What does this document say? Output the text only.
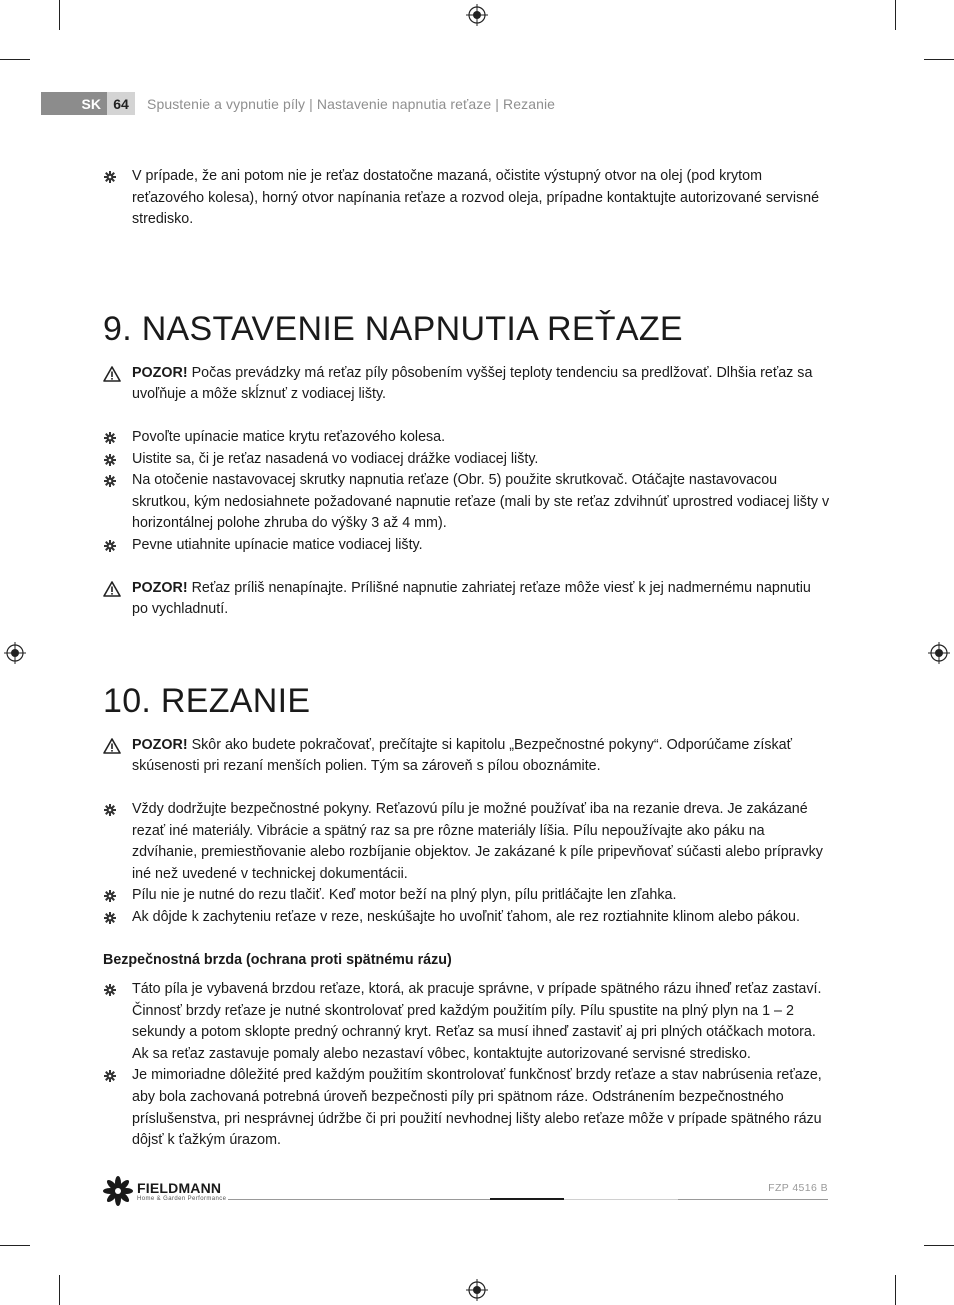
SK 64	Spustenie a vypnutie píly | Nastavenie napnutia reťaze | Rezanie
V prípade, že ani potom nie je reťaz dostatočne mazaná, očistite výstupný otvor na olej (pod krytom reťazového kolesa), horný otvor napínania reťaze a rozvod oleja, prípadne kontaktujte autorizované servisné stredisko.
9. NASTAVENIE NAPNUTIA REŤAZE
POZOR! Počas prevádzky má reťaz píly pôsobením vyššej teploty tendenciu sa predlžovať. Dlhšia reťaz sa uvoľňuje a môže skĺznuť z vodiacej lišty.
Povoľte upínacie matice krytu reťazového kolesa.
Uistite sa, či je reťaz nasadená vo vodiacej drážke vodiacej lišty.
Na otočenie nastavovacej skrutky napnutia reťaze (Obr. 5) použite skrutkovač. Otáčajte nastavovacou skrutkou, kým nedosiahnete požadované napnutie reťaze (mali by ste reťaz zdvihnúť uprostred vodiacej lišty v horizontálnej polohe zhruba do výšky 3 až 4 mm).
Pevne utiahnite upínacie matice vodiacej lišty.
POZOR! Reťaz príliš nenapínajte. Prílišné napnutie zahriatej reťaze môže viesť k jej nadmernému napnutiu po vychladnutí.
10. REZANIE
POZOR! Skôr ako budete pokračovať, prečítajte si kapitolu „Bezpečnostné pokyny“. Odporúčame získať skúsenosti pri rezaní menších polien. Tým sa zároveň s pílou oboznámite.
Vždy dodržujte bezpečnostné pokyny. Reťazovú pílu je možné používať iba na rezanie dreva. Je zakázané rezať iné materiály. Vibrácie a spätný raz sa pre rôzne materiály líšia. Pílu nepoužívajte ako páku na zdvíhanie, premiestňovanie alebo rozbíjanie objektov. Je zakázané k píle pripevňovať súčasti alebo prípravky iné než uvedené v technickej dokumentácii.
Pílu nie je nutné do rezu tlačiť. Keď motor beží na plný plyn, pílu pritláčajte len zľahka.
Ak dôjde k zachyteniu reťaze v reze, neskúšajte ho uvoľniť ťahom, ale rez roztiahnite klinom alebo pákou.
Bezpečnostná brzda (ochrana proti spätnému rázu)
Táto píla je vybavená brzdou reťaze, ktorá, ak pracuje správne, v prípade spätného rázu ihneď reťaz zastaví. Činnosť brzdy reťaze je nutné skontrolovať pred každým použitím píly. Pílu spustite na plný plyn na 1 – 2 sekundy a potom sklopte predný ochranný kryt. Reťaz sa musí ihneď zastaviť aj pri plných otáčkach motora. Ak sa reťaz zastavuje pomaly alebo nezastaví vôbec, kontaktujte autorizované servisné stredisko.
Je mimoriadne dôležité pred každým použitím skontrolovať funkčnosť brzdy reťaze a stav nabrúsenia reťaze, aby bola zachovaná potrebná úroveň bezpečnosti píly pri spätnom ráze. Odstránením bezpečnostného príslušenstva, pri nesprávnej údržbe či pri použití nevhodnej lišty alebo reťaze môže v prípade spätného rázu dôjsť k ťažkým úrazom.
FIELDMANN
Home & Garden Performance
FZP 4516 B
